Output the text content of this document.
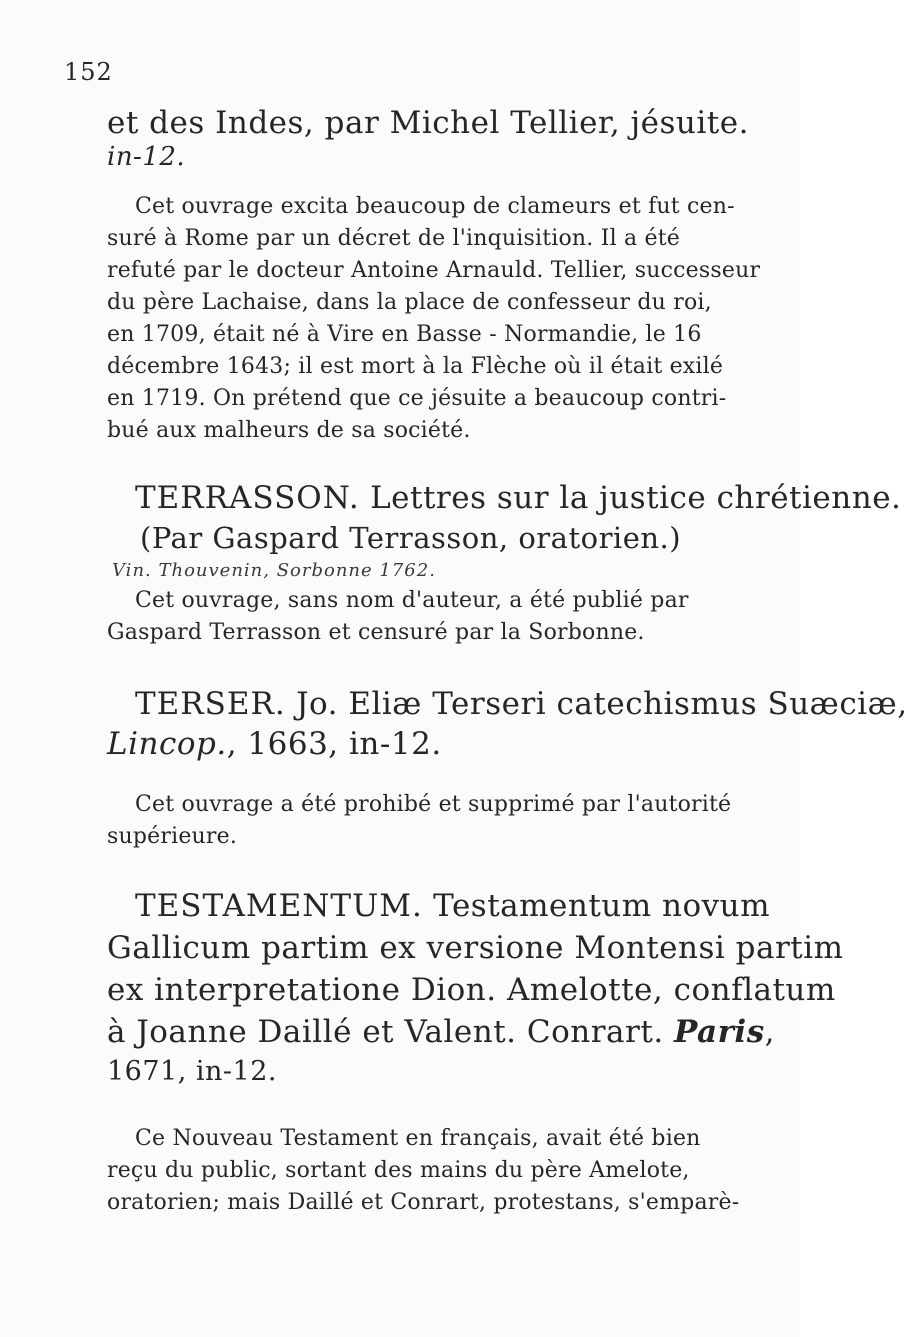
152
et des Indes, par Michel Tellier, jésuite.
in-12.
Cet ouvrage excita beaucoup de clameurs et fut cen-
suré à Rome par un décret de l'inquisition. Il a été
refuté par le docteur Antoine Arnauld. Tellier, successeur
du père Lachaise, dans la place de confesseur du roi,
en 1709, était né à Vire en Basse - Normandie, le 16
décembre 1643; il est mort à la Flèche où il était exilé
en 1719. On prétend que ce jésuite a beaucoup contri-
bué aux malheurs de sa société.
TERRASSON. Lettres sur la justice chrétienne.
(Par Gaspard Terrasson, oratorien.)
Vin. Thouvenin, Sorbonne 1762.
Cet ouvrage, sans nom d'auteur, a été publié par
Gaspard Terrasson et censuré par la Sorbonne.
TERSER. Jo. Eliæ Terseri catechismus Suæciæ,
Lincop., 1663, in-12.
Cet ouvrage a été prohibé et supprimé par l'autorité
supérieure.
TESTAMENTUM. Testamentum novum
Gallicum partim ex versione Montensi partim
ex interpretatione Dion. Amelotte, conflatum
à Joanne Daillé et Valent. Conrart. Paris,
1671, in-12.
Ce Nouveau Testament en français, avait été bien
reçu du public, sortant des mains du père Amelote,
oratorien; mais Daillé et Conrart, protestans, s'emparè-
